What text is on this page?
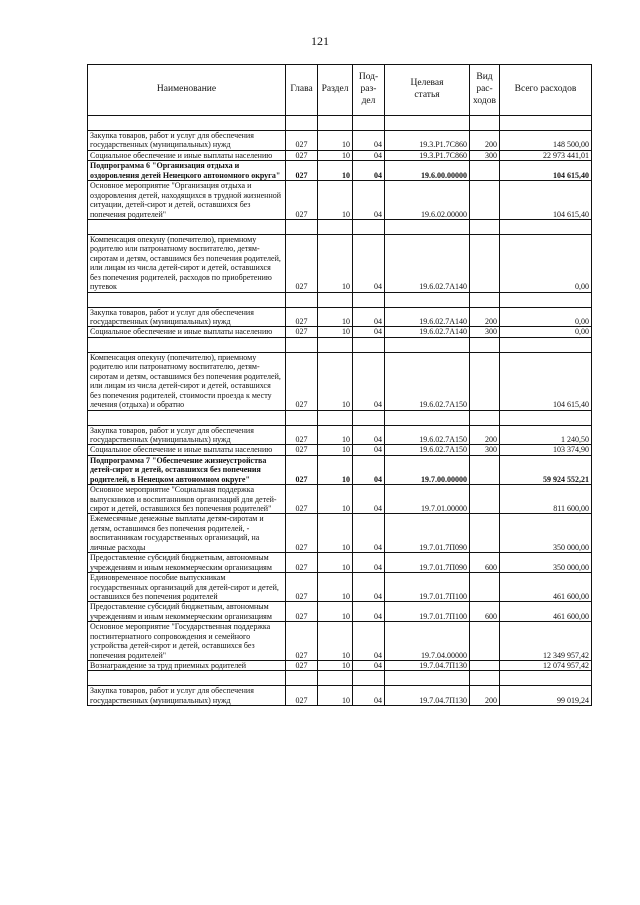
121
Наименование	Глава	Раздел	Под-
раз-
дел	Целевая
статья	Вид
рас-
ходов	Всего расходов

Закупка товаров, работ и услуг для обеспечения государственных (муниципальных) нужд	027	10	04	19.3.P1.7C860	200	148 500,00
Социальное обеспечение и иные выплаты населению	027	10	04	19.3.P1.7C860	300	22 973 441,01
Подпрограмма 6 "Организация отдыха и оздоровления детей Ненецкого автономного округа"	027	10	04	19.6.00.00000		104 615,40
Основное мероприятие "Организация отдыха и оздоровления детей, находящихся в трудной жизненной ситуации, детей-сирот и детей, оставшихся без попечения родителей"	027	10	04	19.6.02.00000		104 615,40

Компенсация опекуну (попечителю), приемному родителю или патронатному воспитателю, детям-сиротам и детям, оставшимся без попечения родителей, или лицам из числа детей-сирот и детей, оставшихся без попечения родителей, расходов по приобретению путевок	027	10	04	19.6.02.7A140		0,00

Закупка товаров, работ и услуг для обеспечения государственных (муниципальных) нужд	027	10	04	19.6.02.7A140	200	0,00
Социальное обеспечение и иные выплаты населению	027	10	04	19.6.02.7A140	300	0,00

Компенсация опекуну (попечителю), приемному родителю или патронатному воспитателю, детям-сиротам и детям, оставшимся без попечения родителей, или лицам из числа детей-сирот и детей, оставшихся без попечения родителей, стоимости проезда к месту лечения (отдыха) и обратно	027	10	04	19.6.02.7A150		104 615,40

Закупка товаров, работ и услуг для обеспечения государственных (муниципальных) нужд	027	10	04	19.6.02.7A150	200	1 240,50
Социальное обеспечение и иные выплаты населению	027	10	04	19.6.02.7A150	300	103 374,90
Подпрограмма 7 "Обеспечение жизнеустройства детей-сирот и детей, оставшихся без попечения родителей, в Ненецком автономном округе"	027	10	04	19.7.00.00000		59 924 552,21
Основное мероприятие "Социальная поддержка выпускников и воспитанников организаций для детей-сирот и детей, оставшихся без попечения родителей"	027	10	04	19.7.01.00000		811 600,00
Ежемесячные денежные выплаты детям-сиротам и детям, оставшимся без попечения родителей, - воспитанникам государственных организаций, на личные расходы	027	10	04	19.7.01.7П090		350 000,00
Предоставление субсидий бюджетным, автономным учреждениям и иным некоммерческим организациям	027	10	04	19.7.01.7П090	600	350 000,00
Единовременное пособие выпускникам государственных организаций для детей-сирот и детей, оставшихся без попечения родителей	027	10	04	19.7.01.7П100		461 600,00
Предоставление субсидий бюджетным, автономным учреждениям и иным некоммерческим организациям	027	10	04	19.7.01.7П100	600	461 600,00
Основное мероприятие "Государственная поддержка постинтернатного сопровождения и семейного устройства детей-сирот и детей, оставшихся без попечения родителей"	027	10	04	19.7.04.00000		12 349 957,42
Вознаграждение за труд приемных родителей	027	10	04	19.7.04.7П130		12 074 957,42

Закупка товаров, работ и услуг для обеспечения государственных (муниципальных) нужд	027	10	04	19.7.04.7П130	200	99 019,24
